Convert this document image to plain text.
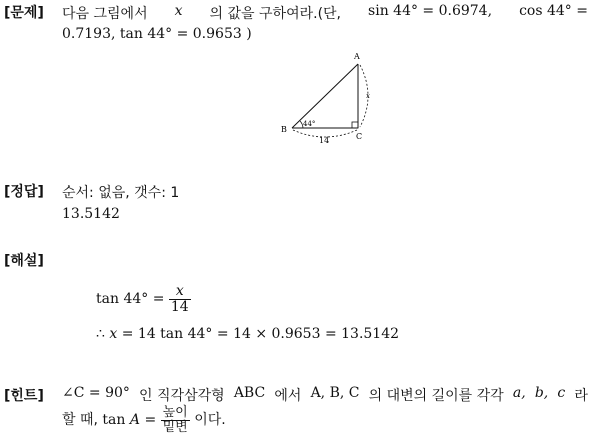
[문제] 다음 그림에서 x 의 값을 구하여라.(단, sin 44° = 0.6974, cos 44° =
0.7193, tan 44° = 0.9653 )
A
B
C
x
44°
14
[정답] 순서: 없음, 갯수: 1
13.5142
[해설]
$\tan 44^\circ = \frac{x}{14}$
∴ x = 14 tan 44° = 14 × 0.9653 = 13.5142
[힌트] ∠C = 90° 인 직각삼각형 ABC 에서 A, B, C 의 대변의 길이를 각각 a, b, c 라
할 때, $\tan A = \frac{\text{높이}}{\text{밑변}}$ 이다.
